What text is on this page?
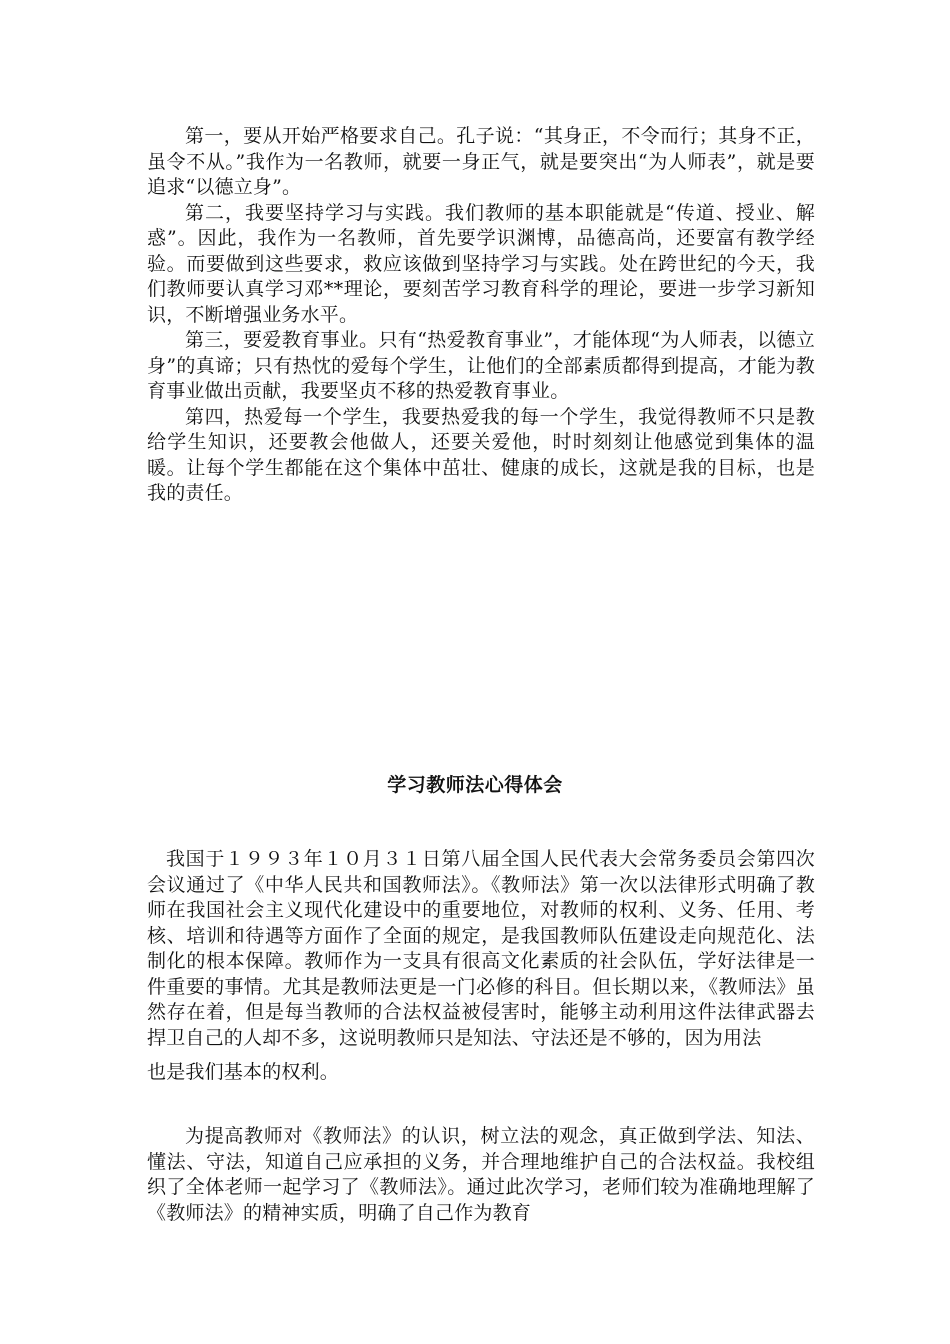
第一，要从开始严格要求自己。孔子说：“其身正，不令而行；其身不正，虽令不从。”我作为一名教师，就要一身正气，就是要突出“为人师表”，就是要追求“以德立身”。

第二，我要坚持学习与实践。我们教师的基本职能就是“传道、授业、解惑”。因此，我作为一名教师，首先要学识渊博，品德高尚，还要富有教学经验。而要做到这些要求，救应该做到坚持学习与实践。处在跨世纪的今天，我们教师要认真学习邓**理论，要刻苦学习教育科学的理论，要进一步学习新知识，不断增强业务水平。

第三，要爱教育事业。只有“热爱教育事业”，才能体现“为人师表，以德立身”的真谛；只有热忱的爱每个学生，让他们的全部素质都得到提高，才能为教育事业做出贡献，我要坚贞不移的热爱教育事业。

第四，热爱每一个学生，我要热爱我的每一个学生，我觉得教师不只是教给学生知识，还要教会他做人，还要关爱他，时时刻刻让他感觉到集体的温暖。让每个学生都能在这个集体中茁壮、健康的成长，这就是我的目标，也是我的责任。

学习教师法心得体会

我国于１９９３年１０月３１日第八届全国人民代表大会常务委员会第四次会议通过了《中华人民共和国教师法》。《教师法》第一次以法律形式明确了教师在我国社会主义现代化建设中的重要地位，对教师的权利、义务、任用、考核、培训和待遇等方面作了全面的规定，是我国教师队伍建设走向规范化、法制化的根本保障。教师作为一支具有很高文化素质的社会队伍，学好法律是一件重要的事情。尤其是教师法更是一门必修的科目。但长期以来，《教师法》虽然存在着，但是每当教师的合法权益被侵害时，能够主动利用这件法律武器去捍卫自己的人却不多，这说明教师只是知法、守法还是不够的，因为用法

也是我们基本的权利。

为提高教师对《教师法》的认识，树立法的观念，真正做到学法、知法、懂法、守法，知道自己应承担的义务，并合理地维护自己的合法权益。我校组织了全体老师一起学习了《教师法》。通过此次学习，老师们较为准确地理解了《教师法》的精神实质，明确了自己作为教育
